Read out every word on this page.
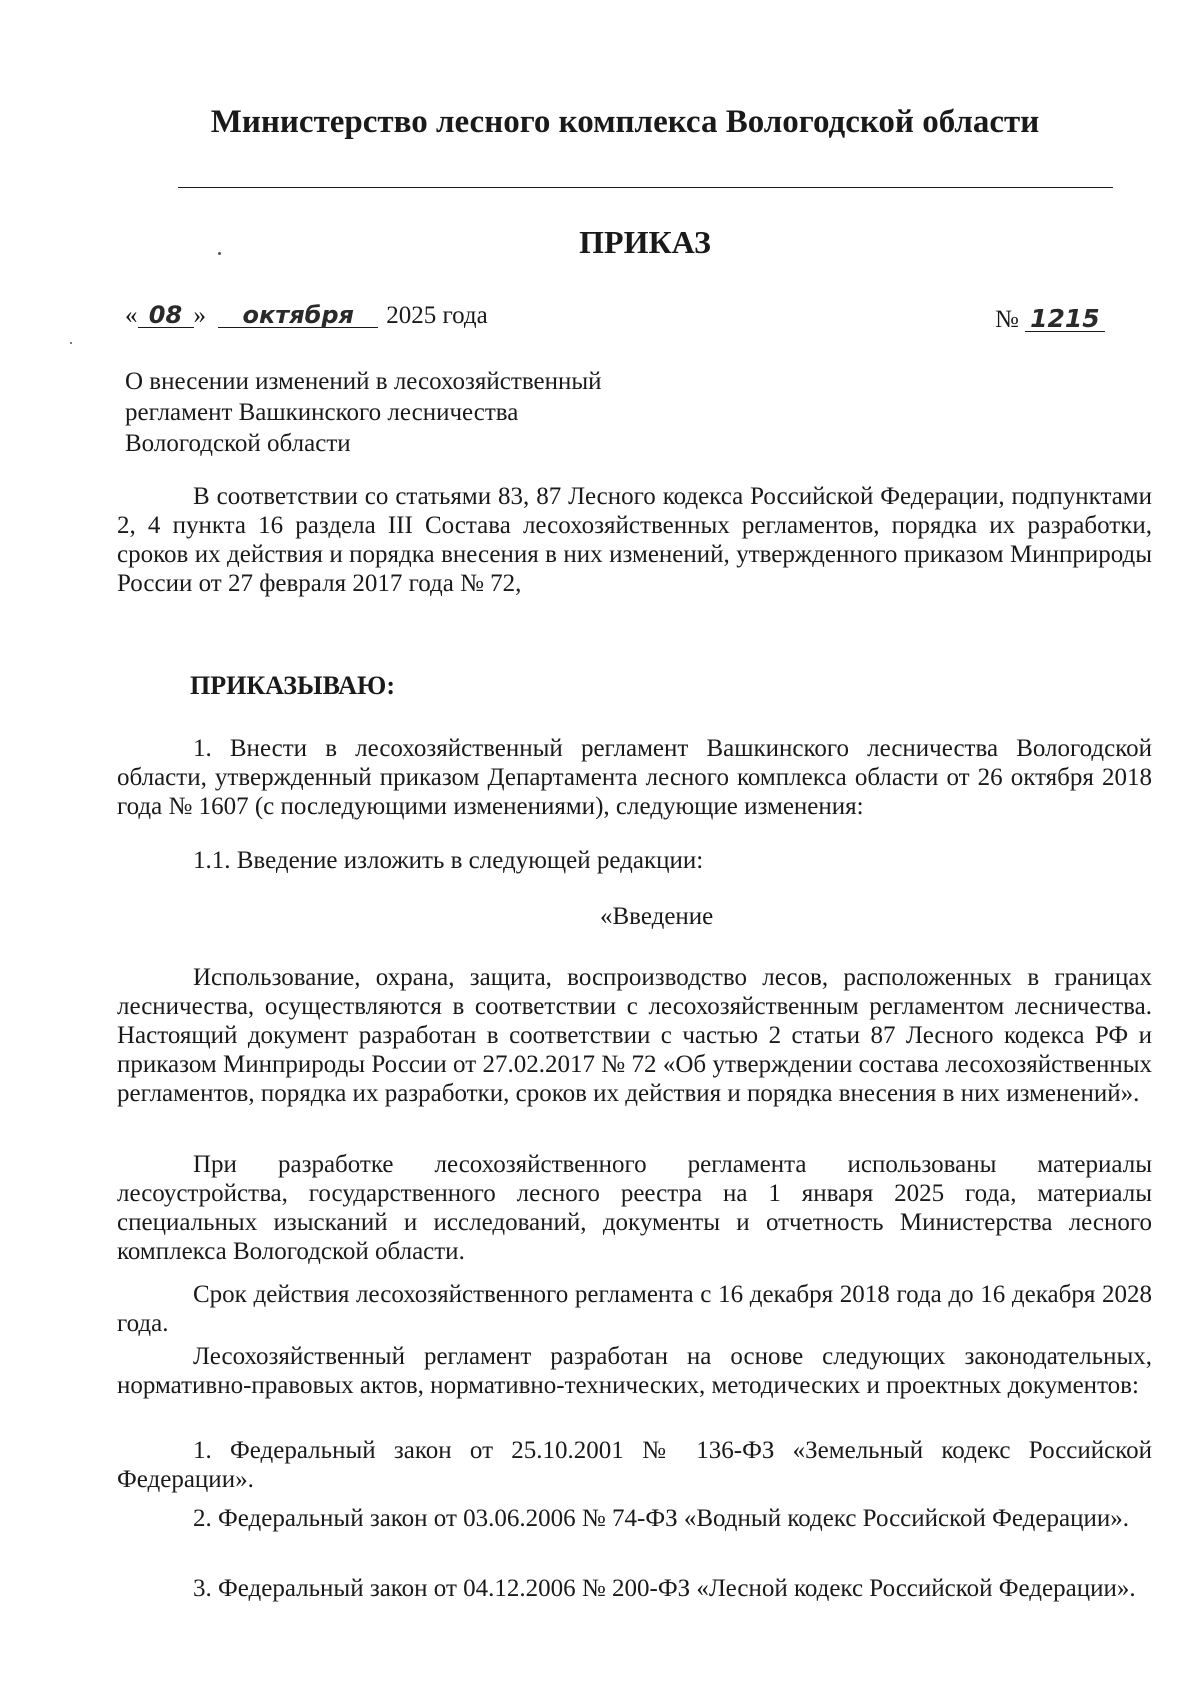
Министерство лесного комплекса Вологодской области
ПРИКАЗ
« 08 » октября 2025 года	№ 1215
О внесении изменений в лесохозяйственный
регламент Вашкинского лесничества
Вологодской области

В соответствии со статьями 83, 87 Лесного кодекса Российской Федерации, подпунктами 2, 4 пункта 16 раздела III Состава лесохозяйственных регламентов, порядка их разработки, сроков их действия и порядка внесения в них изменений, утвержденного приказом Минприроды России от 27 февраля 2017 года № 72,

ПРИКАЗЫВАЮ:

1. Внести в лесохозяйственный регламент Вашкинского лесничества Вологодской области, утвержденный приказом Департамента лесного комплекса области от 26 октября 2018 года № 1607 (с последующими изменениями), следующие изменения:

1.1. Введение изложить в следующей редакции:

«Введение

Использование, охрана, защита, воспроизводство лесов, расположенных в границах лесничества, осуществляются в соответствии с лесохозяйственным регламентом лесничества. Настоящий документ разработан в соответствии с частью 2 статьи 87 Лесного кодекса РФ и приказом Минприроды России от 27.02.2017 № 72 «Об утверждении состава лесохозяйственных регламентов, порядка их разработки, сроков их действия и порядка внесения в них изменений».

При разработке лесохозяйственного регламента использованы материалы лесоустройства, государственного лесного реестра на 1 января 2025 года, материалы специальных изысканий и исследований, документы и отчетность Министерства лесного комплекса Вологодской области.

Срок действия лесохозяйственного регламента с 16 декабря 2018 года до 16 декабря 2028 года.

Лесохозяйственный регламент разработан на основе следующих законодательных, нормативно-правовых актов, нормативно-технических, методических и проектных документов:

1. Федеральный закон от 25.10.2001 № 136-ФЗ «Земельный кодекс Российской Федерации».

2. Федеральный закон от 03.06.2006 № 74-ФЗ «Водный кодекс Российской Федерации».

3. Федеральный закон от 04.12.2006 № 200-ФЗ «Лесной кодекс Российской Федерации».
